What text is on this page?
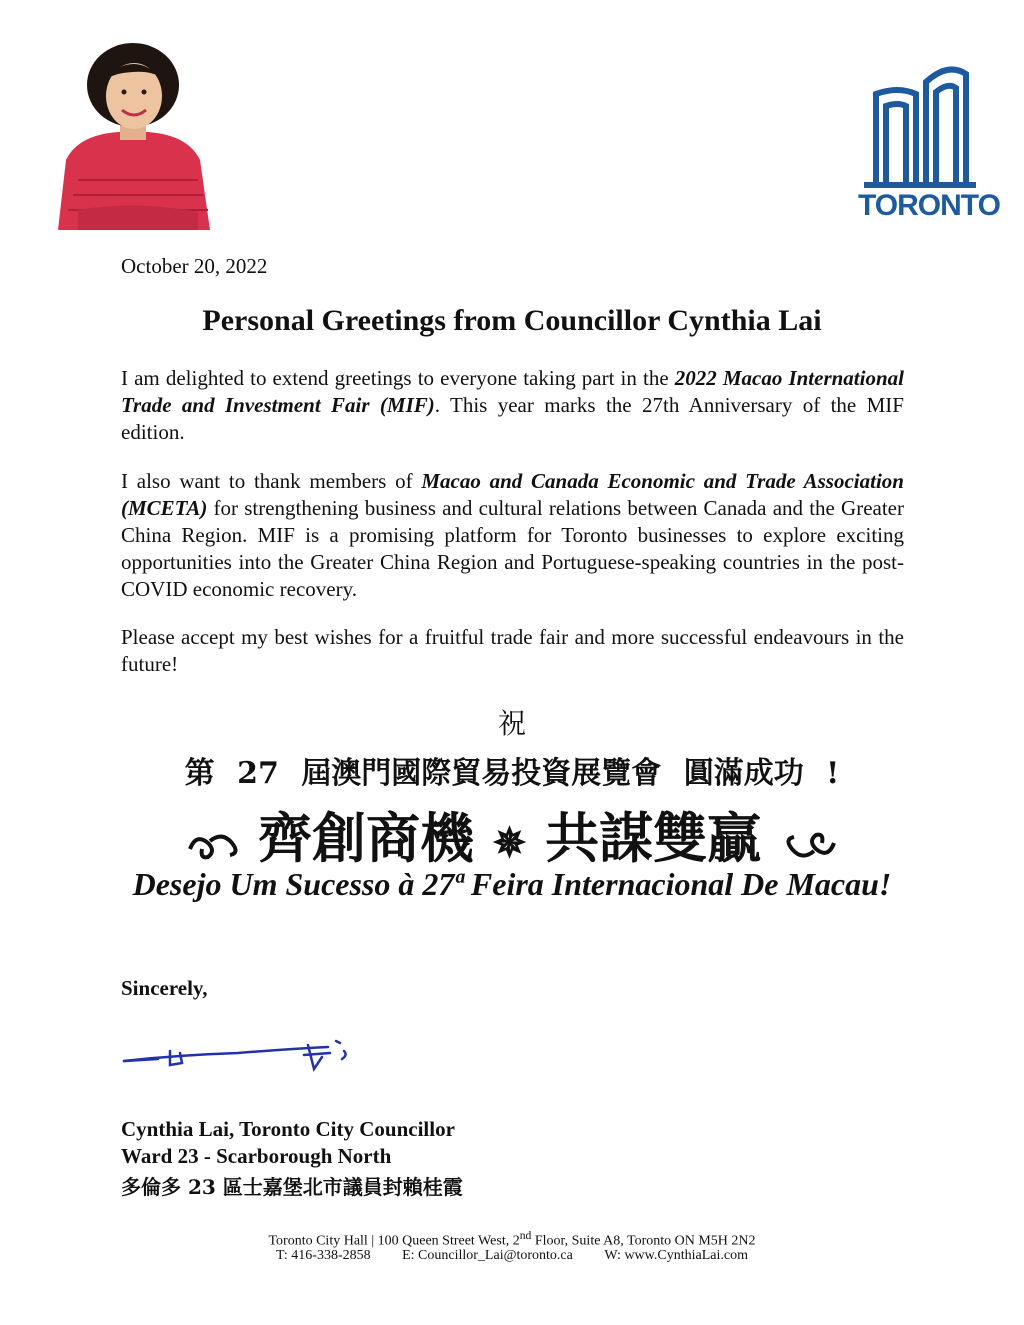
TORONTO
October 20, 2022
Personal Greetings from Councillor Cynthia Lai
I am delighted to extend greetings to everyone taking part in the 2022 Macao International Trade and Investment Fair (MIF). This year marks the 27th Anniversary of the MIF edition.
I also want to thank members of Macao and Canada Economic and Trade Association (MCETA) for strengthening business and cultural relations between Canada and the Greater China Region. MIF is a promising platform for Toronto businesses to explore exciting opportunities into the Greater China Region and Portuguese-speaking countries in the post-COVID economic recovery.
Please accept my best wishes for a fruitful trade fair and more successful endeavours in the future!
祝
第 27 屆澳門國際貿易投資展覽會 圓滿成功 !
齊創商機 ✵ 共謀雙贏
Desejo Um Sucesso à 27ª Feira Internacional De Macau!
Sincerely,
Cynthia Lai, Toronto City Councillor
Ward 23 - Scarborough North
多倫多 23 區士嘉堡北市議員封賴桂霞
Toronto City Hall | 100 Queen Street West, 2nd Floor, Suite A8, Toronto ON M5H 2N2
T: 416-338-2858 E: Councillor_Lai@toronto.ca W: www.CynthiaLai.com
